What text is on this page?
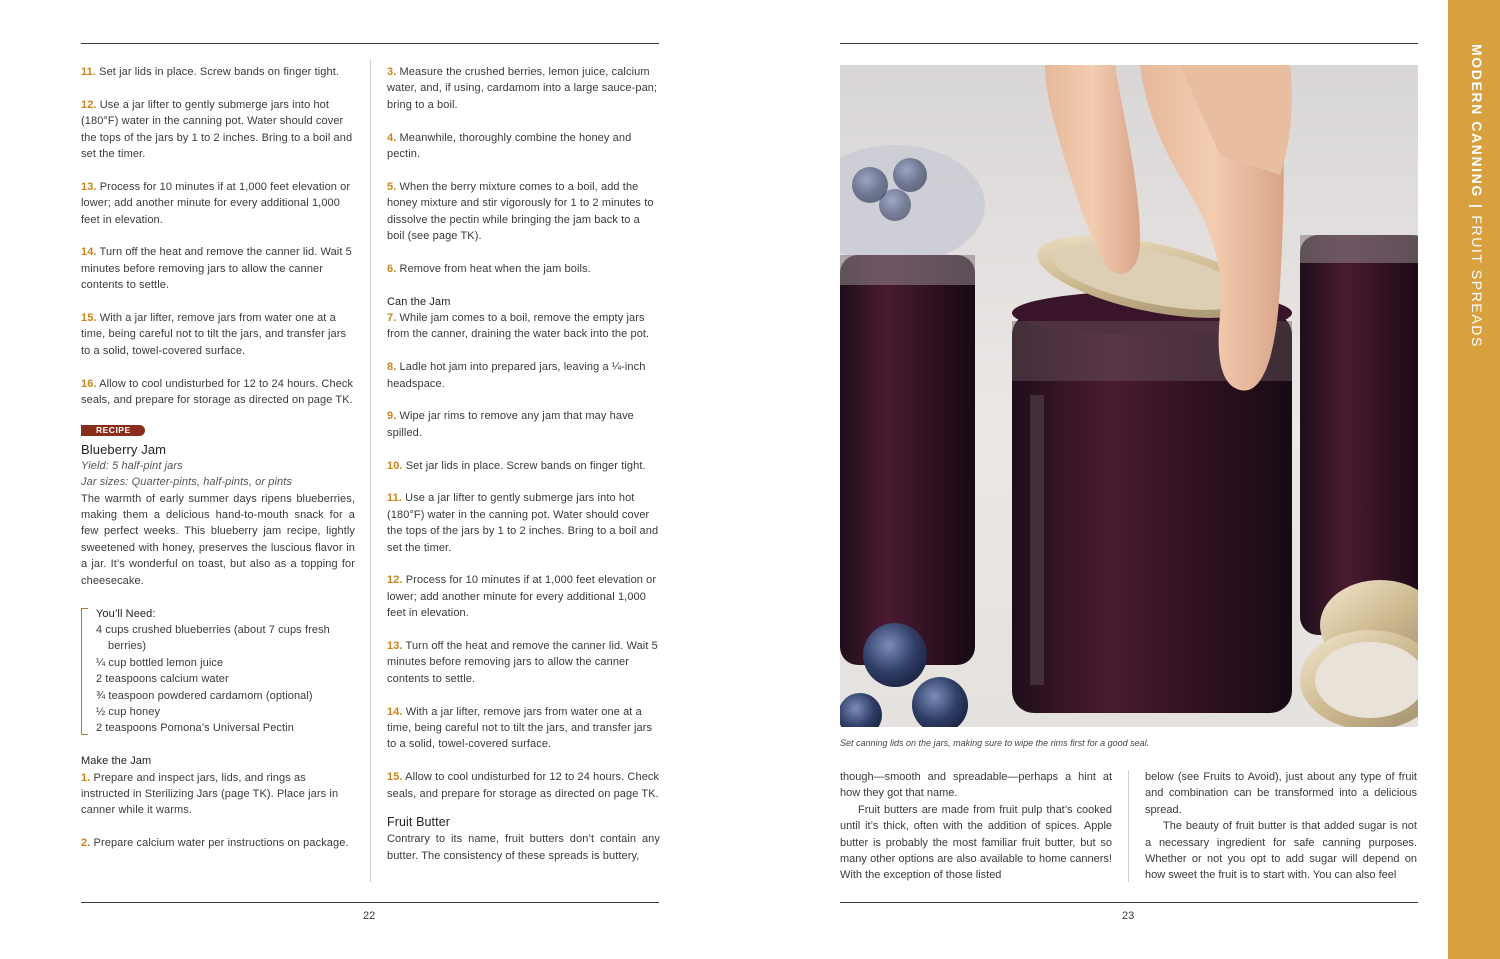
11. Set jar lids in place. Screw bands on finger tight.

12. Use a jar lifter to gently submerge jars into hot (180°F) water in the canning pot. Water should cover the tops of the jars by 1 to 2 inches. Bring to a boil and set the timer.

13. Process for 10 minutes if at 1,000 feet elevation or lower; add another minute for every additional 1,000 feet in elevation.

14. Turn off the heat and remove the canner lid. Wait 5 minutes before removing jars to allow the canner contents to settle.

15. With a jar lifter, remove jars from water one at a time, being careful not to tilt the jars, and transfer jars to a solid, towel-covered surface.

16. Allow to cool undisturbed for 12 to 24 hours. Check seals, and prepare for storage as directed on page TK.

RECIPE
Blueberry Jam
Yield: 5 half-pint jars
Jar sizes: Quarter-pints, half-pints, or pints

The warmth of early summer days ripens blueberries, making them a delicious hand-to-mouth snack for a few perfect weeks. This blueberry jam recipe, lightly sweetened with honey, preserves the luscious flavor in a jar. It’s wonderful on toast, but also as a topping for cheesecake.

You’ll Need:
4 cups crushed blueberries (about 7 cups fresh berries)
¼ cup bottled lemon juice
2 teaspoons calcium water
¾ teaspoon powdered cardamom (optional)
½ cup honey
2 teaspoons Pomona’s Universal Pectin
Make the Jam

1. Prepare and inspect jars, lids, and rings as instructed in Sterilizing Jars (page TK). Place jars in canner while it warms.

2. Prepare calcium water per instructions on package.

3. Measure the crushed berries, lemon juice, calcium water, and, if using, cardamom into a large sauce-pan; bring to a boil.

4. Meanwhile, thoroughly combine the honey and pectin.

5. When the berry mixture comes to a boil, add the honey mixture and stir vigorously for 1 to 2 minutes to dissolve the pectin while bringing the jam back to a boil (see page TK).

6. Remove from heat when the jam boils.

Can the Jam

7. While jam comes to a boil, remove the empty jars from the canner, draining the water back into the pot.

8. Ladle hot jam into prepared jars, leaving a ¼-inch headspace.

9. Wipe jar rims to remove any jam that may have spilled.

10. Set jar lids in place. Screw bands on finger tight.

11. Use a jar lifter to gently submerge jars into hot (180°F) water in the canning pot. Water should cover the tops of the jars by 1 to 2 inches. Bring to a boil and set the timer.

12. Process for 10 minutes if at 1,000 feet elevation or lower; add another minute for every additional 1,000 feet in elevation.

13. Turn off the heat and remove the canner lid. Wait 5 minutes before removing jars to allow the canner contents to settle.

14. With a jar lifter, remove jars from water one at a time, being careful not to tilt the jars, and transfer jars to a solid, towel-covered surface.

15. Allow to cool undisturbed for 12 to 24 hours. Check seals, and prepare for storage as directed on page TK.

Fruit Butter

Contrary to its name, fruit butters don’t contain any butter. The consistency of these spreads is buttery,

22
Set canning lids on the jars, making sure to wipe the rims first for a good seal.

though—smooth and spreadable—perhaps a hint at how they got that name.

Fruit butters are made from fruit pulp that’s cooked until it’s thick, often with the addition of spices. Apple butter is probably the most familiar fruit butter, but so many other options are also available to home canners! With the exception of those listed

below (see Fruits to Avoid), just about any type of fruit and combination can be transformed into a delicious spread.

The beauty of fruit butter is that added sugar is not a necessary ingredient for safe canning purposes. Whether or not you opt to add sugar will depend on how sweet the fruit is to start with. You can also feel

23
MODERN CANNING|FRUIT SPREADS
